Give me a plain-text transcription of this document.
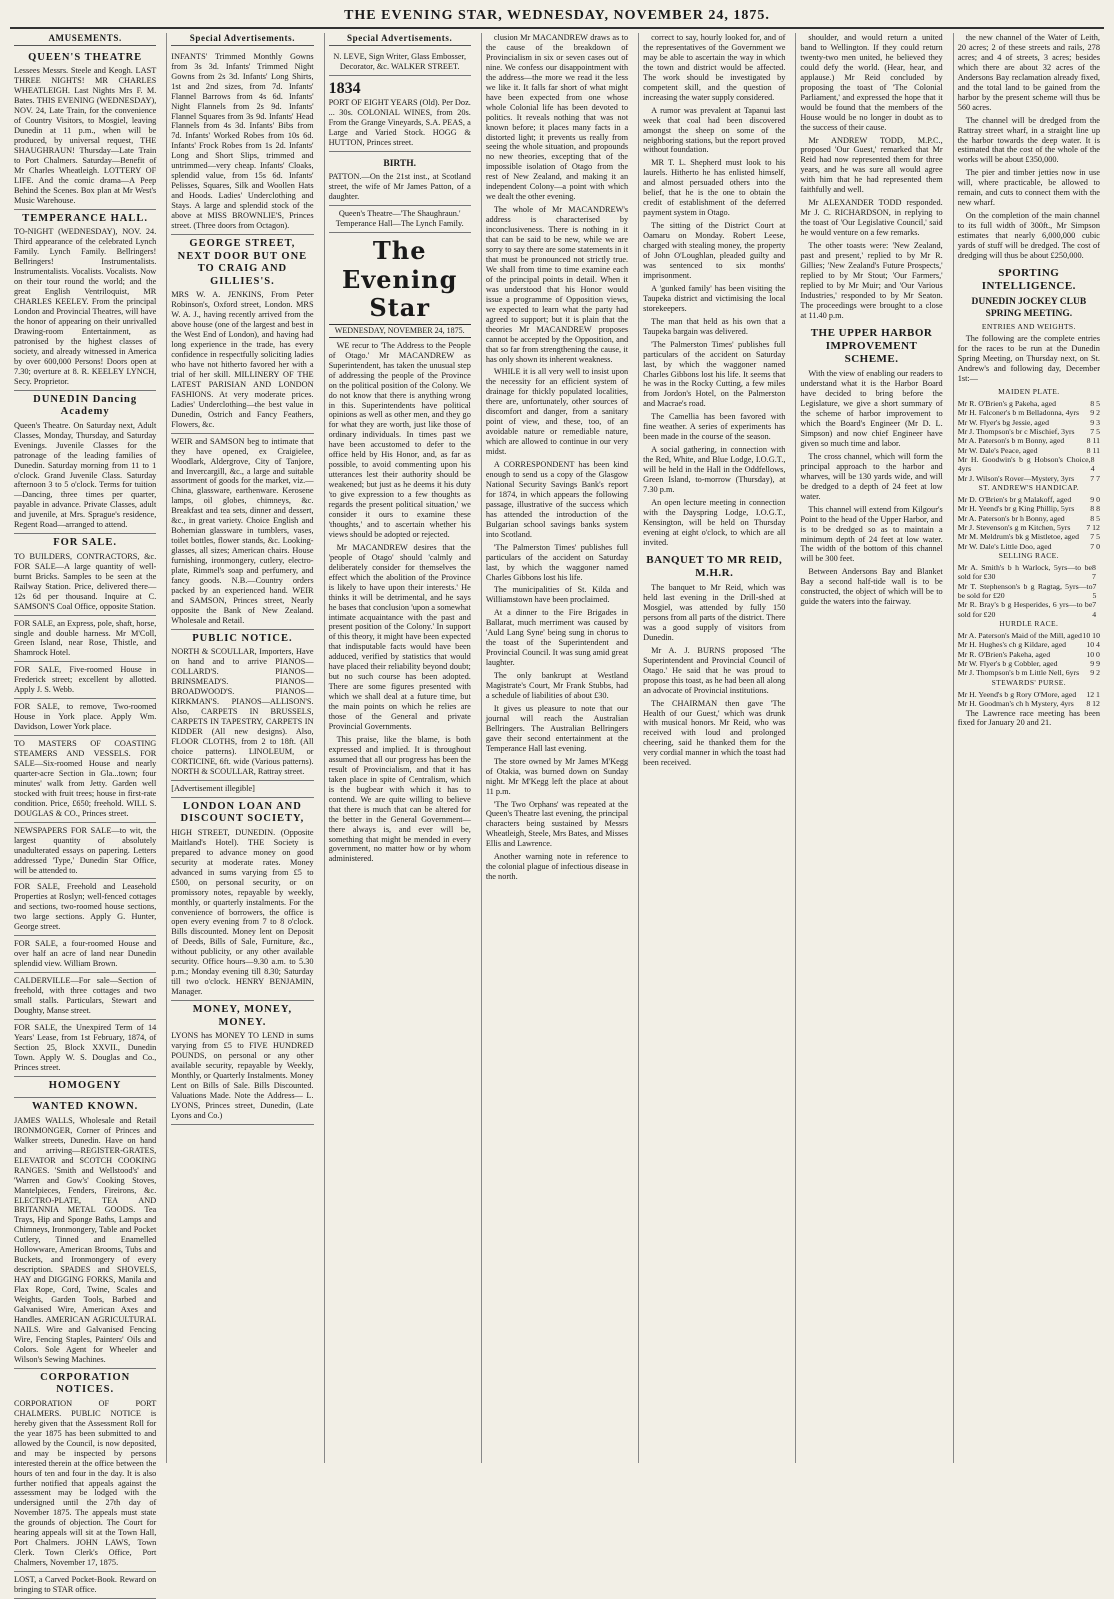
THE EVENING STAR, WEDNESDAY, NOVEMBER 24, 1875.
AMUSEMENTS.
QUEEN'S THEATRE
Lessees Messrs. Steele and Keogh. LAST THREE NIGHTS! MR CHARLES WHEATLEIGH. Last Nights Mrs F. M. Bates. THIS EVENING (WEDNESDAY), NOV. 24, Late Train, for the convenience of Country Visitors, to Mosgiel, leaving Dunedin at 11 p.m., when will be produced, by universal request, THE SHAUGHRAUN! Thursday—Late Train to Port Chalmers. Saturday—Benefit of Mr Charles Wheatleigh. LOTTERY OF LIFE. And the comic drama—A Peep Behind the Scenes. Box plan at Mr West's Music Warehouse.
TEMPERANCE HALL.
TO-NIGHT (WEDNESDAY), NOV. 24. Third appearance of the celebrated Lynch Family. Lynch Family. Bellringers! Bellringers! Instrumentalists. Instrumentalists. Vocalists. Vocalists. Now on their tour round the world; and the great English Ventriloquist, MR CHARLES KEELEY. From the principal London and Provincial Theatres, will have the honor of appearing on their unrivalled Drawing-room Entertainment, as patronised by the highest classes of society, and already witnessed in America by over 600,000 Persons! Doors open at 7.30; overture at 8. R. KEELEY LYNCH, Secy. Proprietor.
DUNEDIN Dancing Academy
Queen's Theatre. On Saturday next, Adult Classes, Monday, Thursday, and Saturday Evenings. Juvenile Classes for the patronage of the leading families of Dunedin. Saturday morning from 11 to 1 o'clock. Grand Juvenile Class. Saturday afternoon 3 to 5 o'clock. Terms for tuition—Dancing, three times per quarter, payable in advance. Private Classes, adult and juvenile, at Mrs. Sprague's residence, Regent Road—arranged to attend.
FOR SALE.
TO BUILDERS, CONTRACTORS, &c. FOR SALE—A large quantity of well-burnt Bricks. Samples to be seen at the Railway Station. Price, delivered there—12s 6d per thousand. Inquire at C. SAMSON'S Coal Office, opposite Station.
FOR SALE, an Express, pole, shaft, horse, single and double harness. Mr M'Coll, Green Island, near Rose, Thistle, and Shamrock Hotel.
FOR SALE, Five-roomed House in Frederick street; excellent by allotted. Apply J. S. Webb.
FOR SALE, to remove, Two-roomed House in York place. Apply Wm. Davidson, Lower York place.
TO MASTERS OF COASTING STEAMERS AND VESSELS. FOR SALE—Six-roomed House and nearly quarter-acre Section in Gla...town; four minutes' walk from Jetty. Garden well stocked with fruit trees; house in first-rate condition. Price, £650; freehold. WILL S. DOUGLAS & CO., Princes street.
NEWSPAPERS FOR SALE—to wit, the largest quantity of absolutely unadulterated essays on papering. Letters addressed 'Type,' Dunedin Star Office, will be attended to.
FOR SALE, Freehold and Leasehold Properties at Roslyn; well-fenced cottages and sections, two-roomed house sections, two large sections. Apply G. Hunter, George street.
FOR SALE, a four-roomed House and over half an acre of land near Dunedin splendid view. William Brown.
CALDERVILLE—For sale—Section of freehold, with three cottages and two small stalls. Particulars, Stewart and Doughty, Manse street.
FOR SALE, the Unexpired Term of 14 Years' Lease, from 1st February, 1874, of Section 25, Block XXVII., Dunedin Town. Apply W. S. Douglas and Co., Princes street.
HOMOGENY
WANTED KNOWN.
JAMES WALLS, Wholesale and Retail IRONMONGER, Corner of Princes and Walker streets, Dunedin. Have on hand and arriving—REGISTER-GRATES, ELEVATOR and SCOTCH COOKING RANGES. 'Smith and Wellstood's' and 'Warren and Gow's' Cooking Stoves, Mantelpieces, Fenders, Fireirons, &c. ELECTRO-PLATE, TEA AND BRITANNIA METAL GOODS. Tea Trays, Hip and Sponge Baths, Lamps and Chimneys, Ironmongery, Table and Pocket Cutlery, Tinned and Enamelled Hollowware, American Brooms, Tubs and Buckets, and Ironmongery of every description. SPADES and SHOVELS, HAY and DIGGING FORKS, Manila and Flax Rope, Cord, Twine, Scales and Weights, Garden Tools, Barbed and Galvanised Wire, American Axes and Handles. AMERICAN AGRICULTURAL NAILS. Wire and Galvanised Fencing Wire, Fencing Staples, Painters' Oils and Colors. Sole Agent for Wheeler and Wilson's Sewing Machines.
CORPORATION NOTICES.
CORPORATION OF PORT CHALMERS. PUBLIC NOTICE is hereby given that the Assessment Roll for the year 1875 has been submitted to and allowed by the Council, is now deposited, and may be inspected by persons interested therein at the office between the hours of ten and four in the day. It is also further notified that appeals against the assessment may be lodged with the undersigned until the 27th day of November 1875. The appeals must state the grounds of objection. The Court for hearing appeals will sit at the Town Hall, Port Chalmers. JOHN LAWS, Town Clerk. Town Clerk's Office, Port Chalmers, November 17, 1875.
LOST, a Carved Pocket-Book. Reward on bringing to STAR office.
Special Advertisements.
INFANTS' Trimmed Monthly Gowns from 3s 3d. Infants' Trimmed Night Gowns from 2s 3d. Infants' Long Shirts, 1st and 2nd sizes, from 7d. Infants' Flannel Barrows from 4s 6d. Infants' Night Flannels from 2s 9d. Infants' Flannel Squares from 3s 9d. Infants' Head Flannels from 4s 3d. Infants' Bibs from 7d. Infants' Worked Robes from 10s 6d. Infants' Frock Robes from 1s 2d. Infants' Long and Short Slips, trimmed and untrimmed—very cheap. Infants' Cloaks, splendid value, from 15s 6d. Infants' Pelisses, Squares, Silk and Woollen Hats and Hoods. Ladies' Underclothing and Stays. A large and splendid stock of the above at MISS BROWNLIE'S, Princes street. (Three doors from Octagon).
GEORGE STREET, NEXT DOOR BUT ONE TO CRAIG AND GILLIES'S.
MRS W. A. JENKINS, From Peter Robinson's, Oxford street, London. MRS W. A. J., having recently arrived from the above house (one of the largest and best in the West End of London), and having had long experience in the trade, has every confidence in respectfully soliciting ladies who have not hitherto favored her with a trial of her skill. MILLINERY OF THE LATEST PARISIAN AND LONDON FASHIONS. At very moderate prices. Ladies' Underclothing—the best value in Dunedin, Ostrich and Fancy Feathers, Flowers, &c.
WEIR and SAMSON beg to intimate that they have opened, ex Craigielee, Woodlark, Aldergrove, City of Tanjore, and Invercargill, &c., a large and suitable assortment of goods for the market, viz.— China, glassware, earthenware. Kerosene lamps, oil globes, chimneys, &c. Breakfast and tea sets, dinner and dessert, &c., in great variety. Choice English and Bohemian glassware in tumblers, vases, toilet bottles, flower stands, &c. Looking-glasses, all sizes; American chairs. House furnishing, ironmongery, cutlery, electro-plate, Rimmel's soap and perfumery, and fancy goods. N.B.—Country orders packed by an experienced hand. WEIR and SAMSON, Princes street, Nearly opposite the Bank of New Zealand. Wholesale and Retail.
PUBLIC NOTICE.
NORTH & SCOULLAR, Importers, Have on hand and to arrive PIANOS—COLLARD'S. PIANOS—BRINSMEAD'S. PIANOS—BROADWOOD'S. PIANOS—KIRKMAN'S. PIANOS—ALLISON'S. Also, CARPETS IN BRUSSELS, CARPETS IN TAPESTRY, CARPETS IN KIDDER (All new designs). Also, FLOOR CLOTHS, from 2 to 18ft. (All choice patterns). LINOLEUM, or CORTICINE, 6ft. wide (Various patterns). NORTH & SCOULLAR, Rattray street.
[Advertisement illegible]
LONDON LOAN AND DISCOUNT SOCIETY,
HIGH STREET, DUNEDIN. (Opposite Maitland's Hotel). THE Society is prepared to advance money on good security at moderate rates. Money advanced in sums varying from £5 to £500, on personal security, or on promissory notes, repayable by weekly, monthly, or quarterly instalments. For the convenience of borrowers, the office is open every evening from 7 to 8 o'clock. Bills discounted. Money lent on Deposit of Deeds, Bills of Sale, Furniture, &c., without publicity, or any other available security. Office hours—9.30 a.m. to 5.30 p.m.; Monday evening till 8.30; Saturday till two o'clock. HENRY BENJAMIN, Manager.
MONEY, MONEY, MONEY.
LYONS has MONEY TO LEND in sums varying from £5 to FIVE HUNDRED POUNDS, on personal or any other available security, repayable by Weekly, Monthly, or Quarterly Instalments. Money Lent on Bills of Sale. Bills Discounted. Valuations Made. Note the Address— L. LYONS, Princes street, Dunedin, (Late Lyons and Co.)
Special Advertisements.
N. LEVE, Sign Writer, Glass Embosser, Decorator, &c. WALKER STREET.
1834
PORT OF EIGHT YEARS (Old). Per Doz. ... 30s. COLONIAL WINES, from 20s. From the Grange Vineyards, S.A. PEAS, a Large and Varied Stock. HOGG & HUTTON, Princes street.
BIRTH.
PATTON.—On the 21st inst., at Scotland street, the wife of Mr James Patton, of a daughter.
Queen's Theatre—'The Shaughraun.' Temperance Hall—The Lynch Family.
The Evening Star
WEDNESDAY, NOVEMBER 24, 1875.

WE recur to 'The Address to the People of Otago.' Mr MACANDREW as Superintendent, has taken the unusual step of addressing the people of the Province on the political position of the Colony. We do not know that there is anything wrong in this. Superintendents have political opinions as well as other men, and they go for what they are worth, just like those of ordinary individuals. In times past we have been accustomed to defer to the office held by His Honor, and, as far as possible, to avoid commenting upon his utterances lest their authority should be weakened; but just as he deems it his duty 'to give expression to a few thoughts as regards the present political situation,' we consider it ours to examine these 'thoughts,' and to ascertain whether his views should be adopted or rejected.

Mr MACANDREW desires that the 'people of Otago' should 'calmly and deliberately consider for themselves the effect which the abolition of the Province is likely to have upon their interests.' He thinks it will be detrimental, and he says he bases that conclusion 'upon a somewhat intimate acquaintance with the past and present position of the Colony.' In support of this theory, it might have been expected that indisputable facts would have been adduced, verified by statistics that would have placed their reliability beyond doubt; but no such course has been adopted. There are some figures presented with which we shall deal at a future time, but the main points on which he relies are those of the General and private Provincial Governments.

This praise, like the blame, is both expressed and implied. It is throughout assumed that all our progress has been the result of Provincialism, and that it has taken place in spite of Centralism, which is the bugbear with which it has to contend. We are quite willing to believe that there is much that can be altered for the better in the General Government—there always is, and ever will be, something that might be mended in every government, no matter how or by whom administered.

clusion Mr MACANDREW draws as to the cause of the breakdown of Provincialism in six or seven cases out of nine. We confess our disappointment with the address—the more we read it the less we like it. It falls far short of what might have been expected from one whose whole Colonial life has been devoted to politics. It reveals nothing that was not known before; it places many facts in a distorted light; it prevents us really from seeing the whole situation, and propounds no new theories, excepting that of the impossible isolation of Otago from the rest of New Zealand, and making it an independent Colony—a point with which we dealt the other evening.

The whole of Mr MACANDREW's address is characterised by inconclusiveness. There is nothing in it that can be said to be new, while we are sorry to say there are some statements in it that must be pronounced not strictly true. We shall from time to time examine each of the principal points in detail. When it was understood that his Honor would issue a programme of Opposition views, we expected to learn what the party had agreed to support; but it is plain that the theories Mr MACANDREW proposes cannot be accepted by the Opposition, and that so far from strengthening the cause, it has only shown its inherent weakness.

WHILE it is all very well to insist upon the necessity for an efficient system of drainage for thickly populated localities, there are, unfortunately, other sources of discomfort and danger, from a sanitary point of view, and these, too, of an avoidable nature or remediable nature, which are allowed to continue in our very midst.

A CORRESPONDENT has been kind enough to send us a copy of the Glasgow National Security Savings Bank's report for 1874, in which appears the following passage, illustrative of the success which has attended the introduction of the Bulgarian school savings banks system into Scotland.

'The Palmerston Times' publishes full particulars of the accident on Saturday last, by which the waggoner named Charles Gibbons lost his life.

The municipalities of St. Kilda and Williamstown have been proclaimed.

At a dinner to the Fire Brigades in Ballarat, much merriment was caused by 'Auld Lang Syne' being sung in chorus to the toast of the Superintendent and Provincial Council. It was sung amid great laughter.

The only bankrupt at Westland Magistrate's Court, Mr Frank Stubbs, had a schedule of liabilities of about £30.

It gives us pleasure to note that our journal will reach the Australian Bellringers. The Australian Bellringers gave their second entertainment at the Temperance Hall last evening.

The store owned by Mr James M'Kegg of Otakia, was burned down on Sunday night. Mr M'Kegg left the place at about 11 p.m.

'The Two Orphans' was repeated at the Queen's Theatre last evening, the principal characters being sustained by Messrs Wheatleigh, Steele, Mrs Bates, and Misses Ellis and Lawrence.

Another warning note in reference to the colonial plague of infectious disease in the north.

correct to say, hourly looked for, and of the representatives of the Government we may be able to ascertain the way in which the town and district would be affected. The work should be investigated by competent skill, and the question of increasing the water supply considered.

A rumor was prevalent at Tapanui last week that coal had been discovered amongst the sheep on some of the neighboring stations, but the report proved without foundation.

MR T. L. Shepherd must look to his laurels. Hitherto he has enlisted himself, and almost persuaded others into the belief, that he is the one to obtain the credit of establishment of the deferred payment system in Otago.

The sitting of the District Court at Oamaru on Monday. Robert Leese, charged with stealing money, the property of John O'Loughlan, pleaded guilty and was sentenced to six months' imprisonment.

A 'gunked family' has been visiting the Taupeka district and victimising the local storekeepers.

The man that held as his own that a Taupeka bargain was delivered.

'The Palmerston Times' publishes full particulars of the accident on Saturday last, by which the waggoner named Charles Gibbons lost his life. It seems that he was in the Rocky Cutting, a few miles from Jordon's Hotel, on the Palmerston and Macrae's road.

The Camellia has been favored with fine weather. A series of experiments has been made in the course of the season.

A social gathering, in connection with the Red, White, and Blue Lodge, I.O.G.T., will be held in the Hall in the Oddfellows, Green Island, to-morrow (Thursday), at 7.30 p.m.

An open lecture meeting in connection with the Dayspring Lodge, I.O.G.T., Kensington, will be held on Thursday evening at eight o'clock, to which are all invited.

BANQUET TO MR REID, M.H.R.

The banquet to Mr Reid, which was held last evening in the Drill-shed at Mosgiel, was attended by fully 150 persons from all parts of the district. There was a good supply of visitors from Dunedin.

Mr A. J. BURNS proposed 'The Superintendent and Provincial Council of Otago.' He said that he was proud to propose this toast, as he had been all along an advocate of Provincial institutions.

The CHAIRMAN then gave 'The Health of our Guest,' which was drunk with musical honors. Mr Reid, who was received with loud and prolonged cheering, said he thanked them for the very cordial manner in which the toast had been received.

shoulder, and would return a united band to Wellington. If they could return twenty-two men united, he believed they could defy the world. (Hear, hear, and applause.) Mr Reid concluded by proposing the toast of 'The Colonial Parliament,' and expressed the hope that it would be found that the members of the House would be no longer in doubt as to the success of their cause.

Mr ANDREW TODD, M.P.C., proposed 'Our Guest,' remarked that Mr Reid had now represented them for three years, and he was sure all would agree with him that he had represented them faithfully and well.

Mr ALEXANDER TODD responded. Mr J. C. RICHARDSON, in replying to the toast of 'Our Legislative Council,' said he would venture on a few remarks.

The other toasts were: 'New Zealand, past and present,' replied to by Mr R. Gillies; 'New Zealand's Future Prospects,' replied to by Mr Stout; 'Our Farmers,' replied to by Mr Muir; and 'Our Various Industries,' responded to by Mr Seaton. The proceedings were brought to a close at 11.40 p.m.

THE UPPER HARBOR IMPROVEMENT SCHEME.

With the view of enabling our readers to understand what it is the Harbor Board have decided to bring before the Legislature, we give a short summary of the scheme of harbor improvement to which the Board's Engineer (Mr D. L. Simpson) and now chief Engineer have given so much time and labor.

The cross channel, which will form the principal approach to the harbor and wharves, will be 130 yards wide, and will be dredged to a depth of 24 feet at low water.

This channel will extend from Kilgour's Point to the head of the Upper Harbor, and is to be dredged so as to maintain a minimum depth of 24 feet at low water. The width of the bottom of this channel will be 300 feet.

Between Andersons Bay and Blanket Bay a second half-tide wall is to be constructed, the object of which will be to guide the waters into the fairway.

the new channel of the Water of Leith, 20 acres; 2 of these streets and rails, 278 acres; and 4 of streets, 3 acres; besides which there are about 32 acres of the Andersons Bay reclamation already fixed, and the total land to be gained from the harbor by the present scheme will thus be 560 acres.

The channel will be dredged from the Rattray street wharf, in a straight line up the harbor towards the deep water. It is estimated that the cost of the whole of the works will be about £350,000.

The pier and timber jetties now in use will, where practicable, be allowed to remain, and cuts to connect them with the new wharf.

On the completion of the main channel to its full width of 300ft., Mr Simpson estimates that nearly 6,000,000 cubic yards of stuff will be dredged. The cost of dredging will thus be about £250,000.

SPORTING INTELLIGENCE.
DUNEDIN JOCKEY CLUB SPRING MEETING.
ENTRIES AND WEIGHTS.

The following are the complete entries for the races to be run at the Dunedin Spring Meeting, on Thursday next, on St. Andrew's and following day, December 1st:—

MAIDEN PLATE.
Mr R. O'Brien's g Pakeha, aged	8 5
Mr H. Falconer's b m Belladonna, 4yrs 9 2
Mr W. Flyer's bg Jessie, aged	9 3
Mr J. Thompson's br c Mischief, 3yrs 7 5
Mr A. Paterson's b m Bonny, aged	8 11
Mr W. Dale's Peace, aged	8 11
Mr H. Goodwin's b g Hobson's Choice, 4yrs
8 4
Mr J. Wilson's Rover—Mystery, 3yrs 7 7
ST. ANDREW'S HANDICAP.
Mr D. O'Brien's br g Malakoff, aged 9 0
Mr H. Yeend's br g King Phillip, 5yrs 8 8
Mr A. Paterson's br h Bonny, aged	8 5
Mr J. Stevenson's g m Kitchen, 5yrs 7 12
Mr M. Meldrum's bk g Mistletoe, aged 7 5
Mr W. Dale's Little Doo, aged	7 0
SELLING RACE.
Mr A. Smith's b h Warlock, 5yrs—to be sold for £30
8 7
Mr T. Stephenson's b g Ragtag, 5yrs—to be sold for £20
7 5
Mr R. Bray's b g Hesperides, 6 yrs—to be sold for £20
7 4
HURDLE RACE.
Mr A. Paterson's Maid of the Mill, aged 10 10
Mr H. Hughes's ch g Kildare, aged	10 4
Mr R. O'Brien's Pakeha, aged	10 0
Mr W. Flyer's b g Cobbler, aged	9 9
Mr J. Thompson's b m Little Nell, 6yrs 9 2
STEWARDS' PURSE.
Mr H. Yeend's b g Rory O'More, aged 12 1
Mr H. Goodman's ch h Mystery, 4yrs 8 12

The Lawrence race meeting has been fixed for January 20 and 21.
